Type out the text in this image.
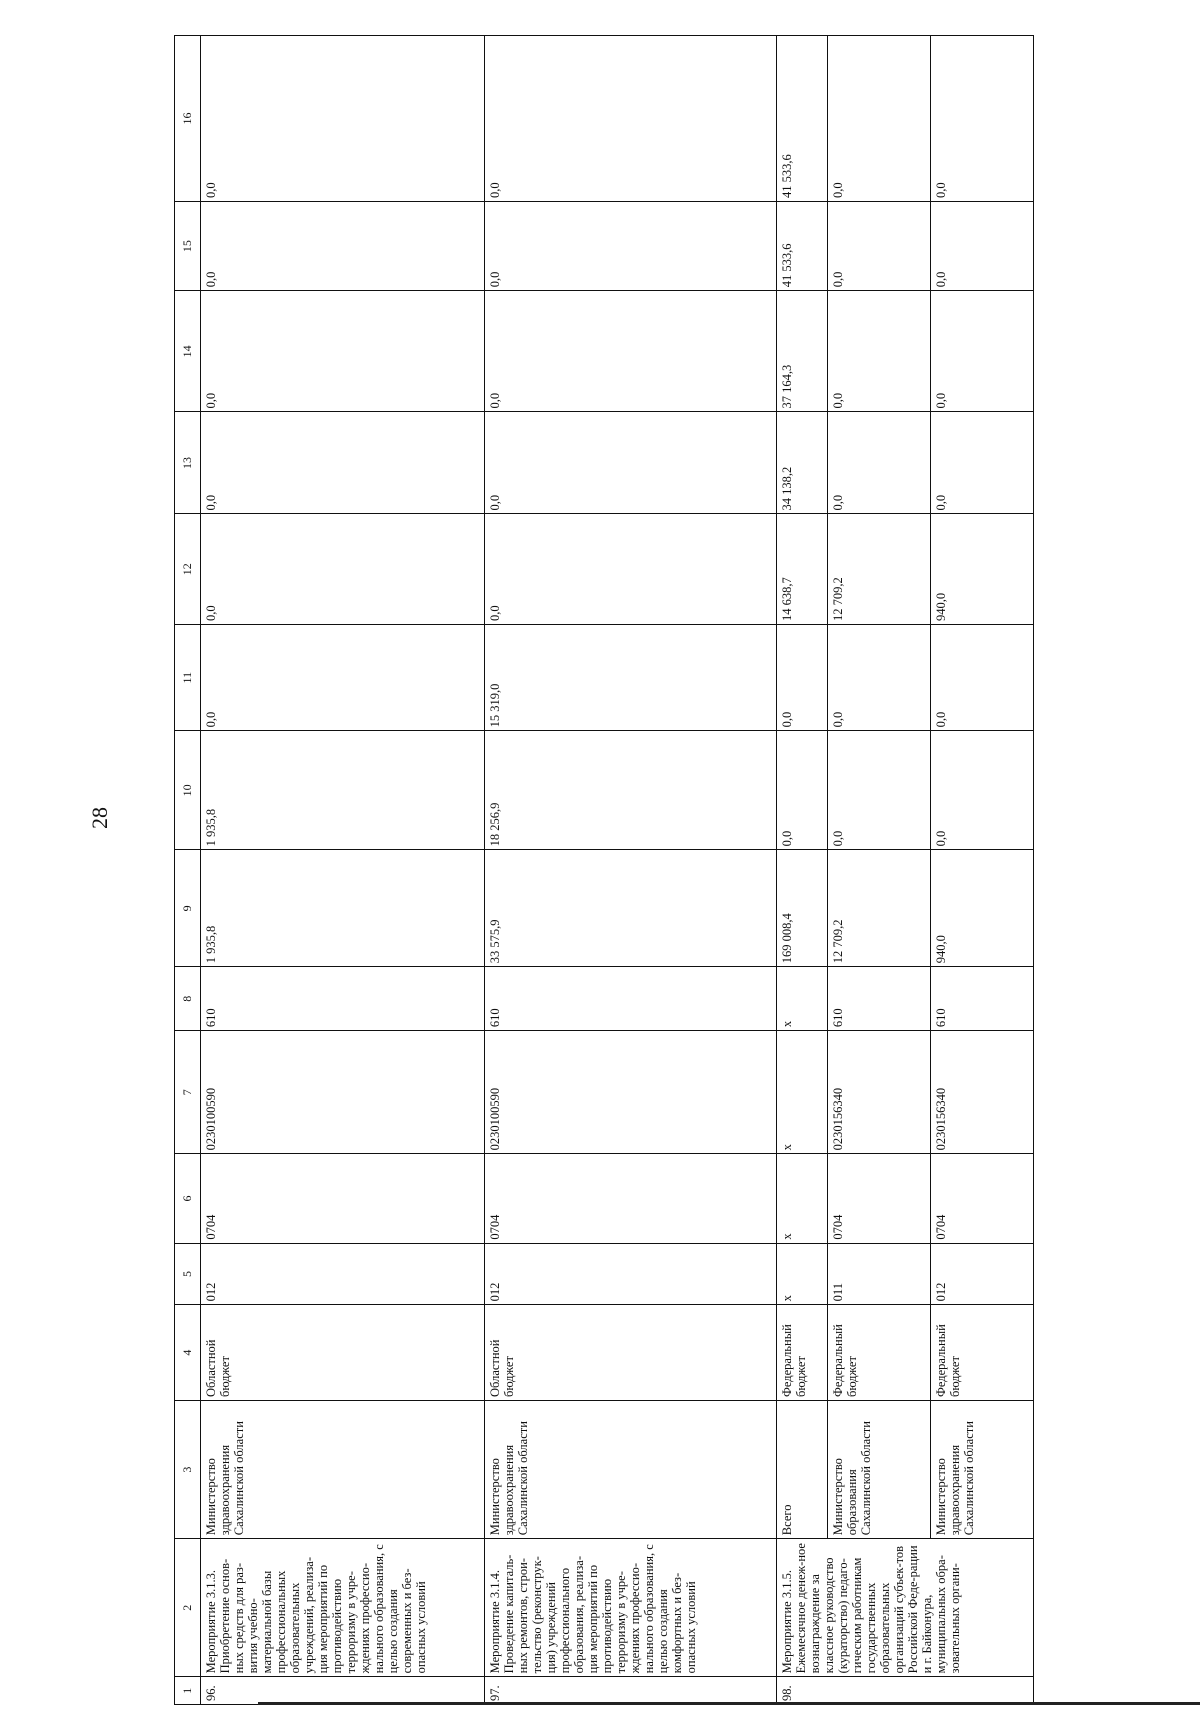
28
1	2	3	4	5	6	7	8	9	10	11	12	13	14	15	16
96.	Мероприятие 3.1.3. Приобретение основ-ных средств для раз-вития учебно-материальной базы профессиональных образовательных учреждений, реализа-ция мероприятий по противодействию терроризму в учре-ждениях профессио-нального образования, с целью создания современных и без-опасных условий	Министерство здравоохранения Сахалинской области	Областной бюджет	012	0704	0230100590	610	1 935,8	1 935,8	0,0	0,0	0,0	0,0	0,0	0,0
97.	Мероприятие 3.1.4. Проведение капиталь-ных ремонтов, строи-тельство (реконструк-ция) учреждений профессионального образования, реализа-ция мероприятий по противодействию терроризму в учре-ждениях профессио-нального образования, с целью создания комфортных и без-опасных условий	Министерство здравоохранения Сахалинской области	Областной бюджет	012	0704	0230100590	610	33 575,9	18 256,9	15 319,0	0,0	0,0	0,0	0,0	0,0
98.	Мероприятие 3.1.5. Ежемесячное денеж-ное вознаграждение за классное руководство (кураторство) педаго-гическим работникам государственных образовательных организаций субъек-тов Российской Феде-рации и г. Байконура, муниципальных обра-зовательных органи-	Всего	Федеральный бюджет	x	x	x	x	169 008,4	0,0	0,0	14 638,7	34 138,2	37 164,3	41 533,6	41 533,6
		Министерство образования Сахалинской области	Федеральный бюджет	011	0704	0230156340	610	12 709,2	0,0	0,0	12 709,2	0,0	0,0	0,0	0,0
		Министерство здравоохранения Сахалинской области	Федеральный бюджет	012	0704	0230156340	610	940,0	0,0	0,0	940,0	0,0	0,0	0,0	0,0
